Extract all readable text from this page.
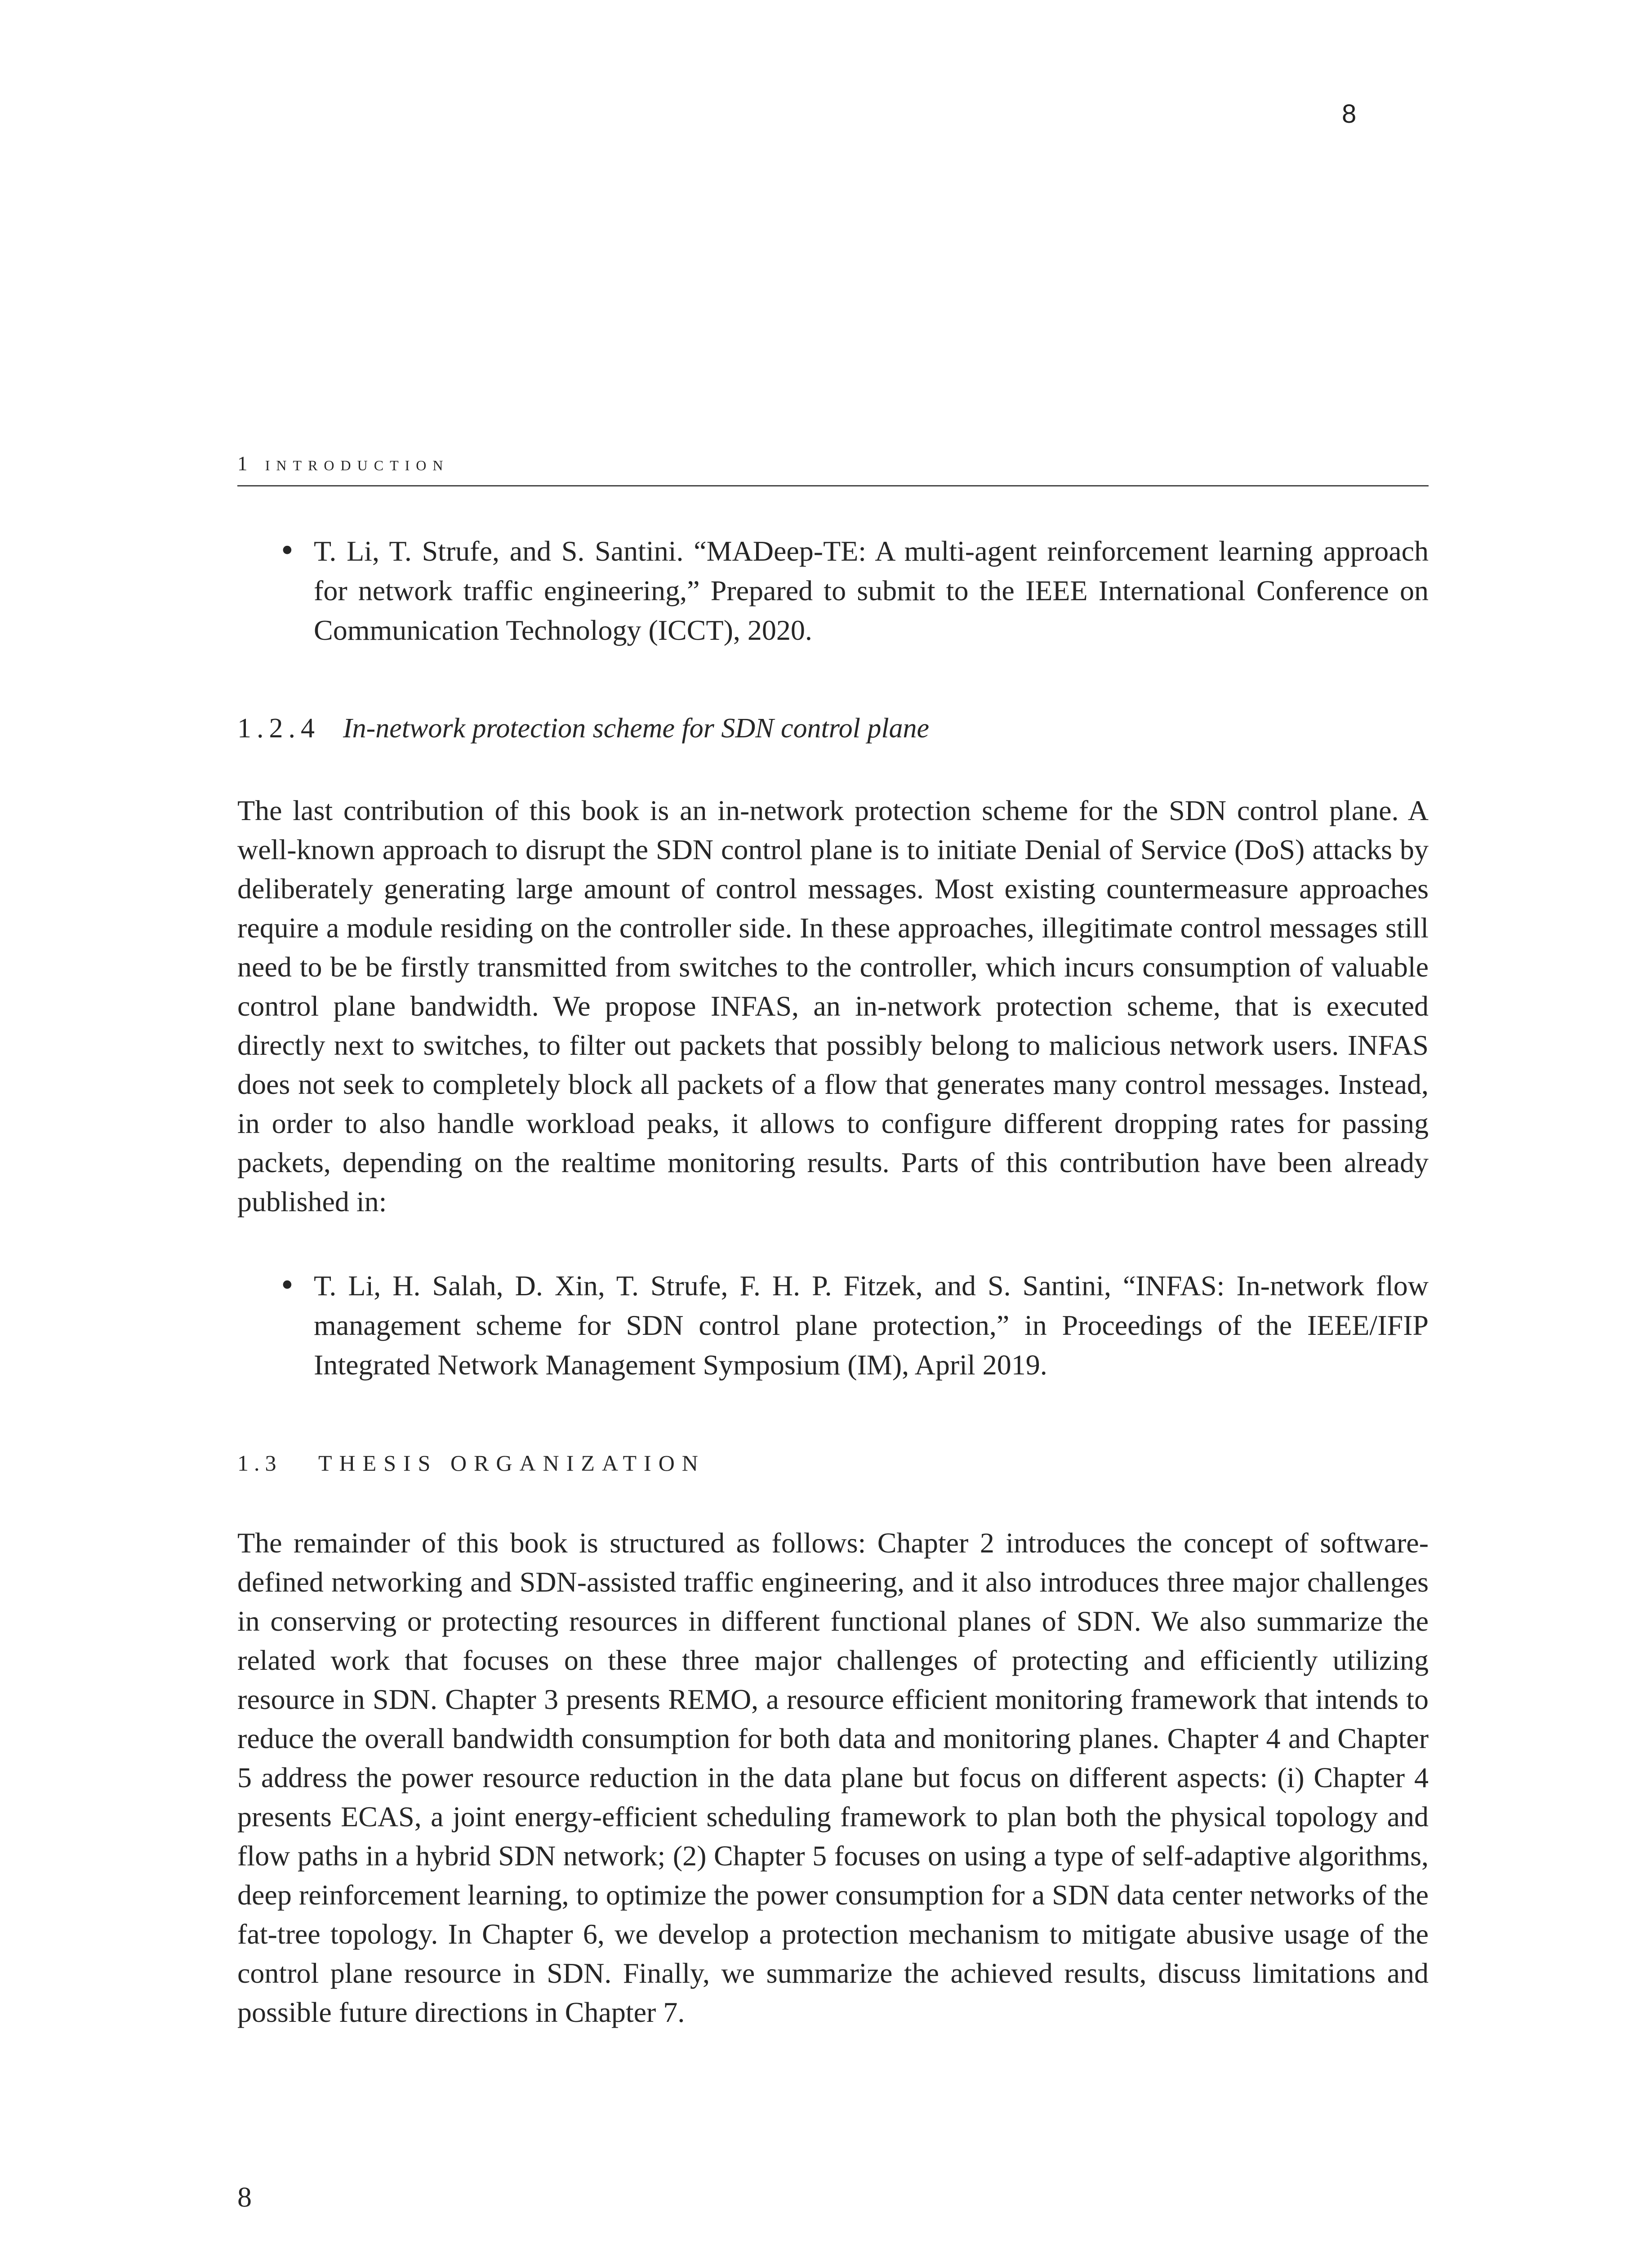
8
1 introduction
• T. Li, T. Strufe, and S. Santini. “MADeep-TE: A multi-agent reinforcement learning approach for network traffic engineering,” Prepared to submit to the IEEE International Conference on Communication Technology (ICCT), 2020.
1.2.4 In-network protection scheme for SDN control plane

The last contribution of this book is an in-network protection scheme for the SDN control plane. A well-known approach to disrupt the SDN control plane is to initiate Denial of Service (DoS) attacks by deliberately generating large amount of control messages. Most existing countermeasure approaches require a module residing on the controller side. In these approaches, illegitimate control messages still need to be be firstly transmitted from switches to the controller, which incurs consumption of valuable control plane bandwidth. We propose INFAS, an in-network protection scheme, that is executed directly next to switches, to filter out packets that possibly belong to malicious network users. INFAS does not seek to completely block all packets of a flow that generates many control messages. Instead, in order to also handle workload peaks, it allows to configure different dropping rates for passing packets, depending on the realtime monitoring results. Parts of this contribution have been already published in:

• T. Li, H. Salah, D. Xin, T. Strufe, F. H. P. Fitzek, and S. Santini, “INFAS: In-network flow management scheme for SDN control plane protection,” in Proceedings of the IEEE/IFIP Integrated Network Management Symposium (IM), April 2019.
1.3 THESIS ORGANIZATION

The remainder of this book is structured as follows: Chapter 2 introduces the concept of software-defined networking and SDN-assisted traffic engineering, and it also introduces three major challenges in conserving or protecting resources in different functional planes of SDN. We also summarize the related work that focuses on these three major challenges of protecting and efficiently utilizing resource in SDN. Chapter 3 presents REMO, a resource efficient monitoring framework that intends to reduce the overall bandwidth consumption for both data and monitoring planes. Chapter 4 and Chapter 5 address the power resource reduction in the data plane but focus on different aspects: (i) Chapter 4 presents ECAS, a joint energy-efficient scheduling framework to plan both the physical topology and flow paths in a hybrid SDN network; (2) Chapter 5 focuses on using a type of self-adaptive algorithms, deep reinforcement learning, to optimize the power consumption for a SDN data center networks of the fat-tree topology. In Chapter 6, we develop a protection mechanism to mitigate abusive usage of the control plane resource in SDN. Finally, we summarize the achieved results, discuss limitations and possible future directions in Chapter 7.

8
